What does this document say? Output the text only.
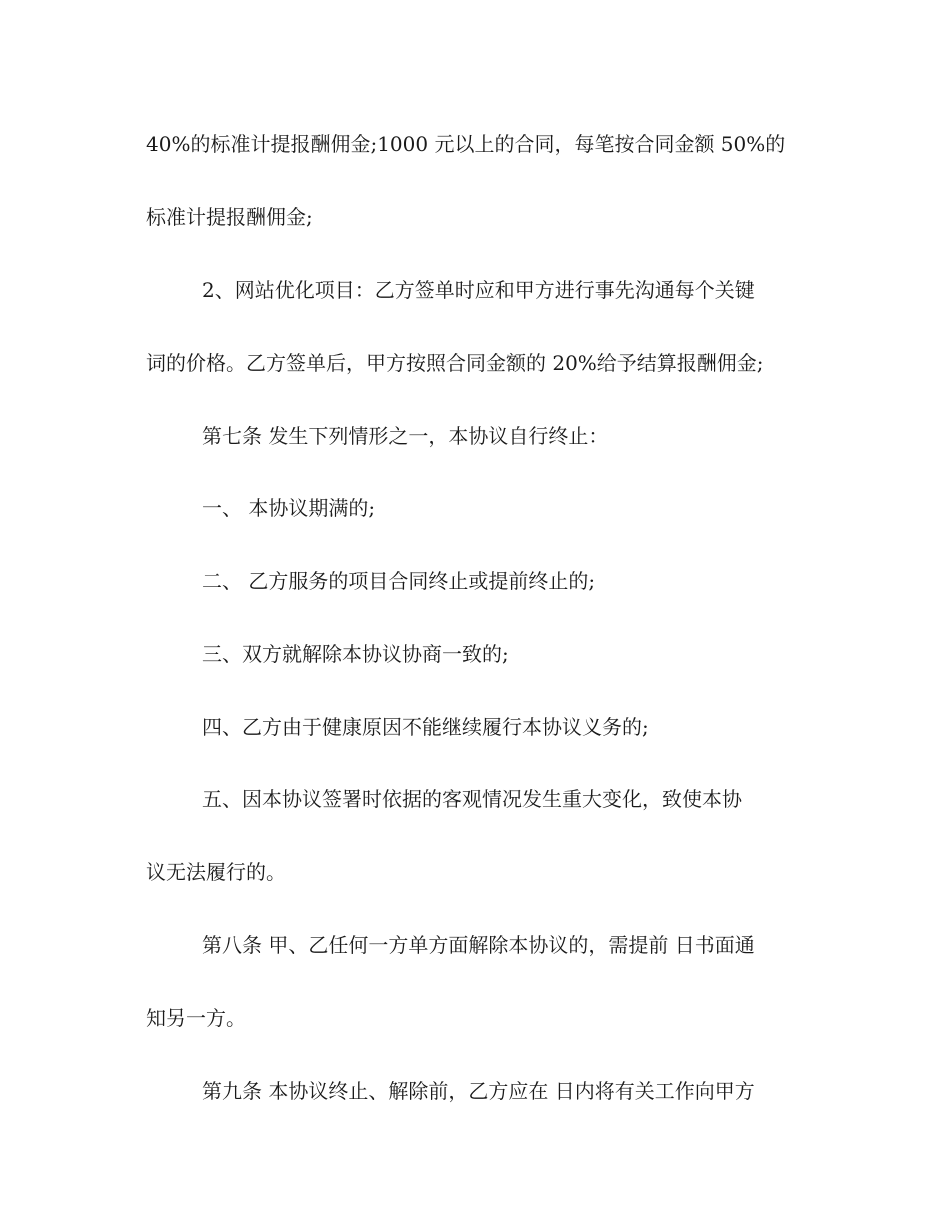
40%的标准计提报酬佣金;1000 元以上的合同，每笔按合同金额 50%的
标准计提报酬佣金;
2、网站优化项目：乙方签单时应和甲方进行事先沟通每个关键
词的价格。乙方签单后，甲方按照合同金额的 20%给予结算报酬佣金;
第七条 发生下列情形之一，本协议自行终止：
一、 本协议期满的;
二、 乙方服务的项目合同终止或提前终止的;
三、双方就解除本协议协商一致的;
四、乙方由于健康原因不能继续履行本协议义务的;
五、因本协议签署时依据的客观情况发生重大变化，致使本协
议无法履行的。
第八条 甲、乙任何一方单方面解除本协议的，需提前 日书面通
知另一方。
第九条 本协议终止、解除前，乙方应在 日内将有关工作向甲方
